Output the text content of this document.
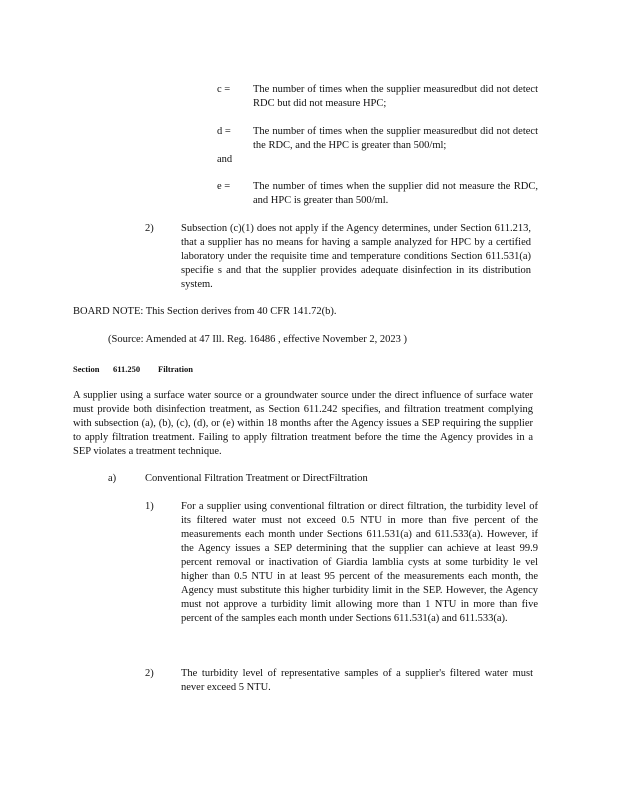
c = The number of times when the supplier measuredbut did not detect RDC but did not measure HPC;

d = The number of times when the supplier measuredbut did not detect the RDC, and the HPC is greater than 500/ml;

and
e = The number of times when the supplier did not measure the RDC, and HPC is greater than 500/ml.

2)	Subsection (c)(1) does not apply if the Agency determines, under Section 611.213, that a supplier has no means for having a sample analyzed for HPC by a certified laboratory under the requisite time and temperature conditions Section 611.531(a) specifie s and that the supplier provides adequate disinfection in its distribution system.

BOARD NOTE: This Section derives from 40 CFR 141.72(b).

(Source: Amended at 47 Ill. Reg. 16486 , effective November 2, 2023 )

Section 611.250 Filtration

A supplier using a surface water source or a groundwater source under the direct influence of surface water must provide both disinfection treatment, as Section 611.242 specifies, and filtration treatment complying with subsection (a), (b), (c), (d), or (e) within 18 months after the Agency issues a SEP requiring the supplier to apply filtration treatment. Failing to apply filtration treatment before the time the Agency provides in a SEP violates a treatment technique.

a)	Conventional Filtration Treatment or DirectFiltration
1)	For a supplier using conventional filtration or direct filtration, the turbidity level of its filtered water must not exceed 0.5 NTU in more than five percent of the measurements each month under Sections 611.531(a) and 611.533(a). However, if the Agency issues a SEP determining that the supplier can achieve at least 99.9 percent removal or inactivation of Giardia lamblia cysts at some turbidity le vel higher than 0.5 NTU in at least 95 percent of the measurements each month, the Agency must substitute this higher turbidity limit in the SEP. However, the Agency must not approve a turbidity limit allowing more than 1 NTU in more than five percent of the samples each month under Sections 611.531(a) and 611.533(a).

2)	The turbidity level of representative samples of a supplier's filtered water must never exceed 5 NTU.
